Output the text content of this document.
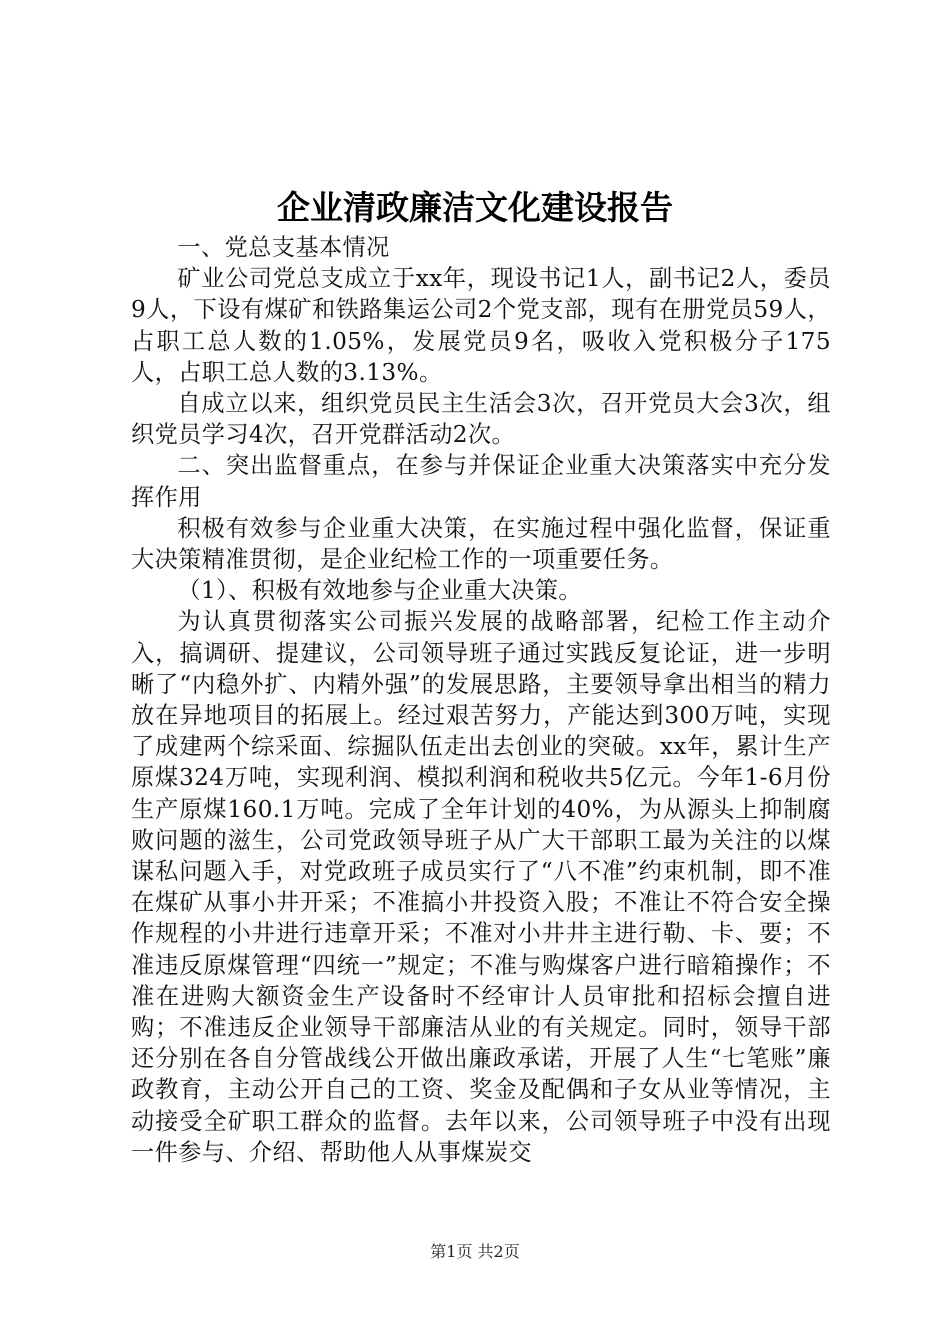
企业清政廉洁文化建设报告

一、党总支基本情况

矿业公司党总支成立于xx年，现设书记1人，副书记2人，委员9人，下设有煤矿和铁路集运公司2个党支部，现有在册党员59人，占职工总人数的1.05%，发展党员9名，吸收入党积极分子175人，占职工总人数的3.13%。

自成立以来，组织党员民主生活会3次，召开党员大会3次，组织党员学习4次，召开党群活动2次。

二、突出监督重点，在参与并保证企业重大决策落实中充分发挥作用

积极有效参与企业重大决策，在实施过程中强化监督，保证重大决策精准贯彻，是企业纪检工作的一项重要任务。

（1）、积极有效地参与企业重大决策。

为认真贯彻落实公司振兴发展的战略部署，纪检工作主动介入，搞调研、提建议，公司领导班子通过实践反复论证，进一步明晰了“内稳外扩、内精外强”的发展思路，主要领导拿出相当的精力放在异地项目的拓展上。经过艰苦努力，产能达到300万吨，实现了成建两个综采面、综掘队伍走出去创业的突破。xx年，累计生产原煤324万吨，实现利润、模拟利润和税收共5亿元。今年1-6月份生产原煤160.1万吨。完成了全年计划的40%，为从源头上抑制腐败问题的滋生，公司党政领导班子从广大干部职工最为关注的以煤谋私问题入手，对党政班子成员实行了“八不准”约束机制，即不准在煤矿从事小井开采；不准搞小井投资入股；不准让不符合安全操作规程的小井进行违章开采；不准对小井井主进行勒、卡、要；不准违反原煤管理“四统一”规定；不准与购煤客户进行暗箱操作；不准在进购大额资金生产设备时不经审计人员审批和招标会擅自进购；不准违反企业领导干部廉洁从业的有关规定。同时，领导干部还分别在各自分管战线公开做出廉政承诺，开展了人生“七笔账”廉政教育，主动公开自己的工资、奖金及配偶和子女从业等情况，主动接受全矿职工群众的监督。去年以来，公司领导班子中没有出现一件参与、介绍、帮助他人从事煤炭交

第1页 共2页
